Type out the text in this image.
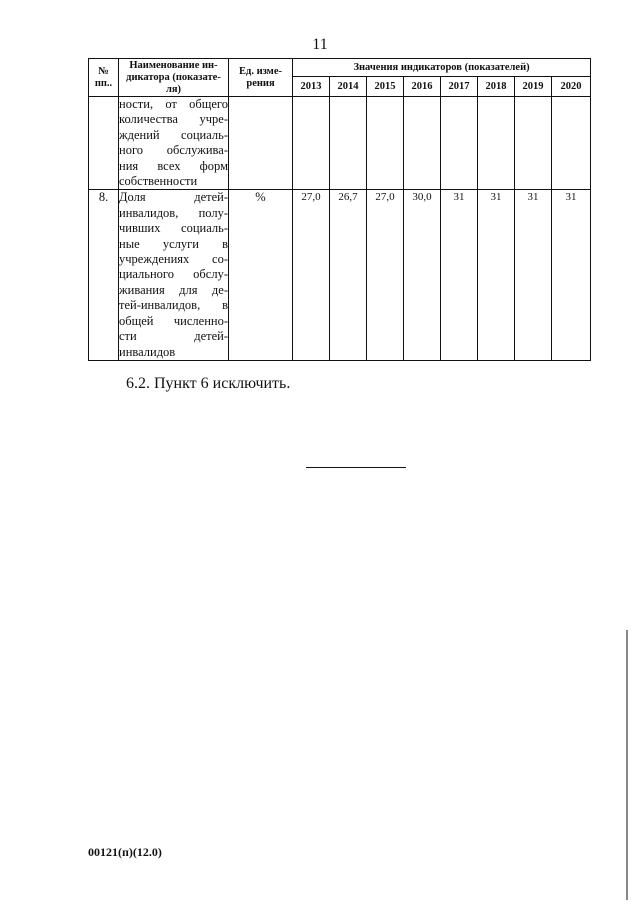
11
№ пп..	Наименование ин- дикатора (показате- ля)	Ед. изме- рения	Значения индикаторов (показателей)							
			2013	2014	2015	2016	2017	2018	2019	2020
	ности, от общего количества учре- ждений социаль- ного обслужива- ния всех форм собственности									
8.	Доля детей- инвалидов, полу- чивших социаль- ные услуги в учреждениях со- циального обслу- живания для де- тей-инвалидов, в общей численно- сти детей- инвалидов	%	27,0	26,7	27,0	30,0	31	31	31	31
6.2. Пункт 6 исключить.
00121(п)(12.0)
